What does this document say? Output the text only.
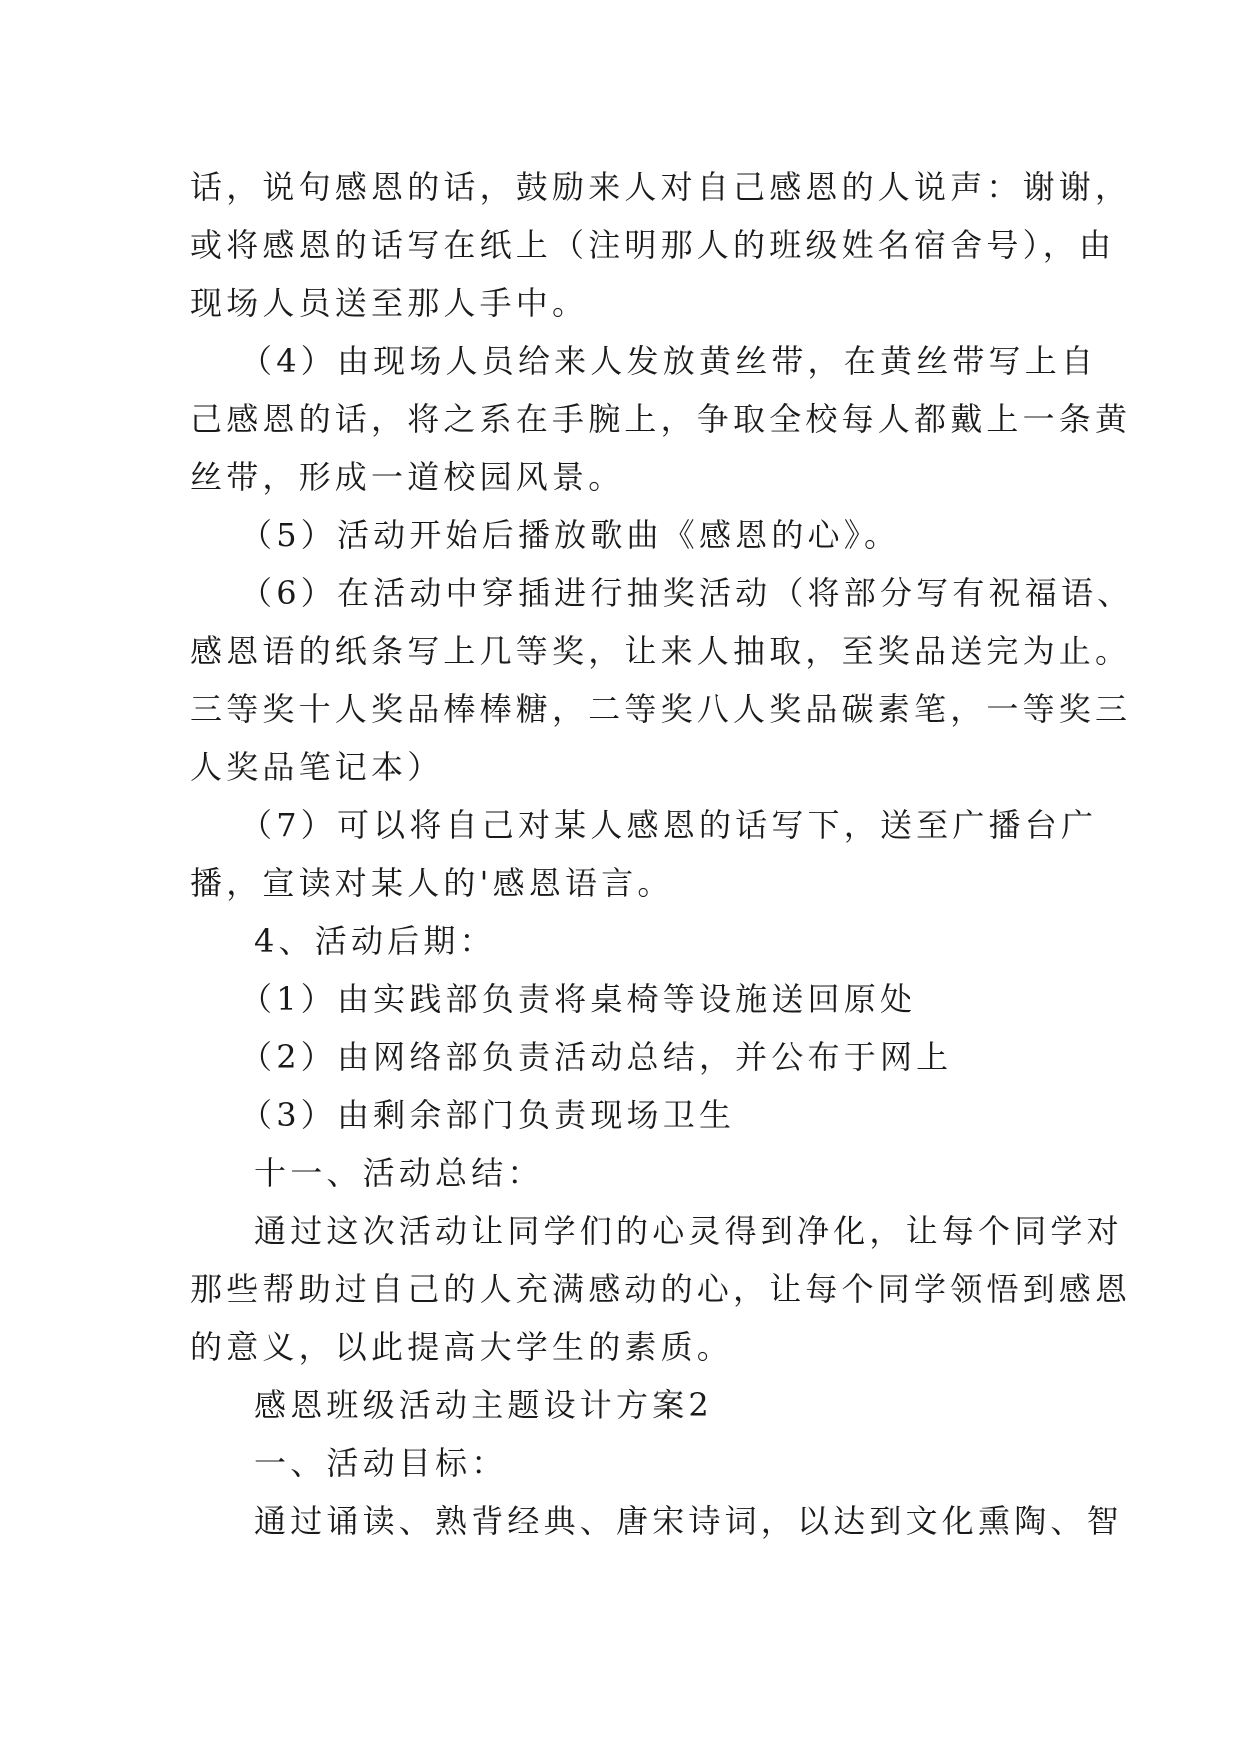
话，说句感恩的话，鼓励来人对自己感恩的人说声：谢谢，

或将感恩的话写在纸上（注明那人的班级姓名宿舍号），由

现场人员送至那人手中。

（4）由现场人员给来人发放黄丝带，在黄丝带写上自

己感恩的话，将之系在手腕上，争取全校每人都戴上一条黄

丝带，形成一道校园风景。

（5）活动开始后播放歌曲《感恩的心》。

（6）在活动中穿插进行抽奖活动（将部分写有祝福语、

感恩语的纸条写上几等奖，让来人抽取，至奖品送完为止。

三等奖十人奖品棒棒糖，二等奖八人奖品碳素笔，一等奖三

人奖品笔记本）

（7）可以将自己对某人感恩的话写下，送至广播台广

播，宣读对某人的'感恩语言。

4、活动后期：

（1）由实践部负责将桌椅等设施送回原处

（2）由网络部负责活动总结，并公布于网上

（3）由剩余部门负责现场卫生

十一、活动总结：

通过这次活动让同学们的心灵得到净化，让每个同学对

那些帮助过自己的人充满感动的心，让每个同学领悟到感恩

的意义，以此提高大学生的素质。

感恩班级活动主题设计方案2

一、活动目标：

通过诵读、熟背经典、唐宋诗词，以达到文化熏陶、智
